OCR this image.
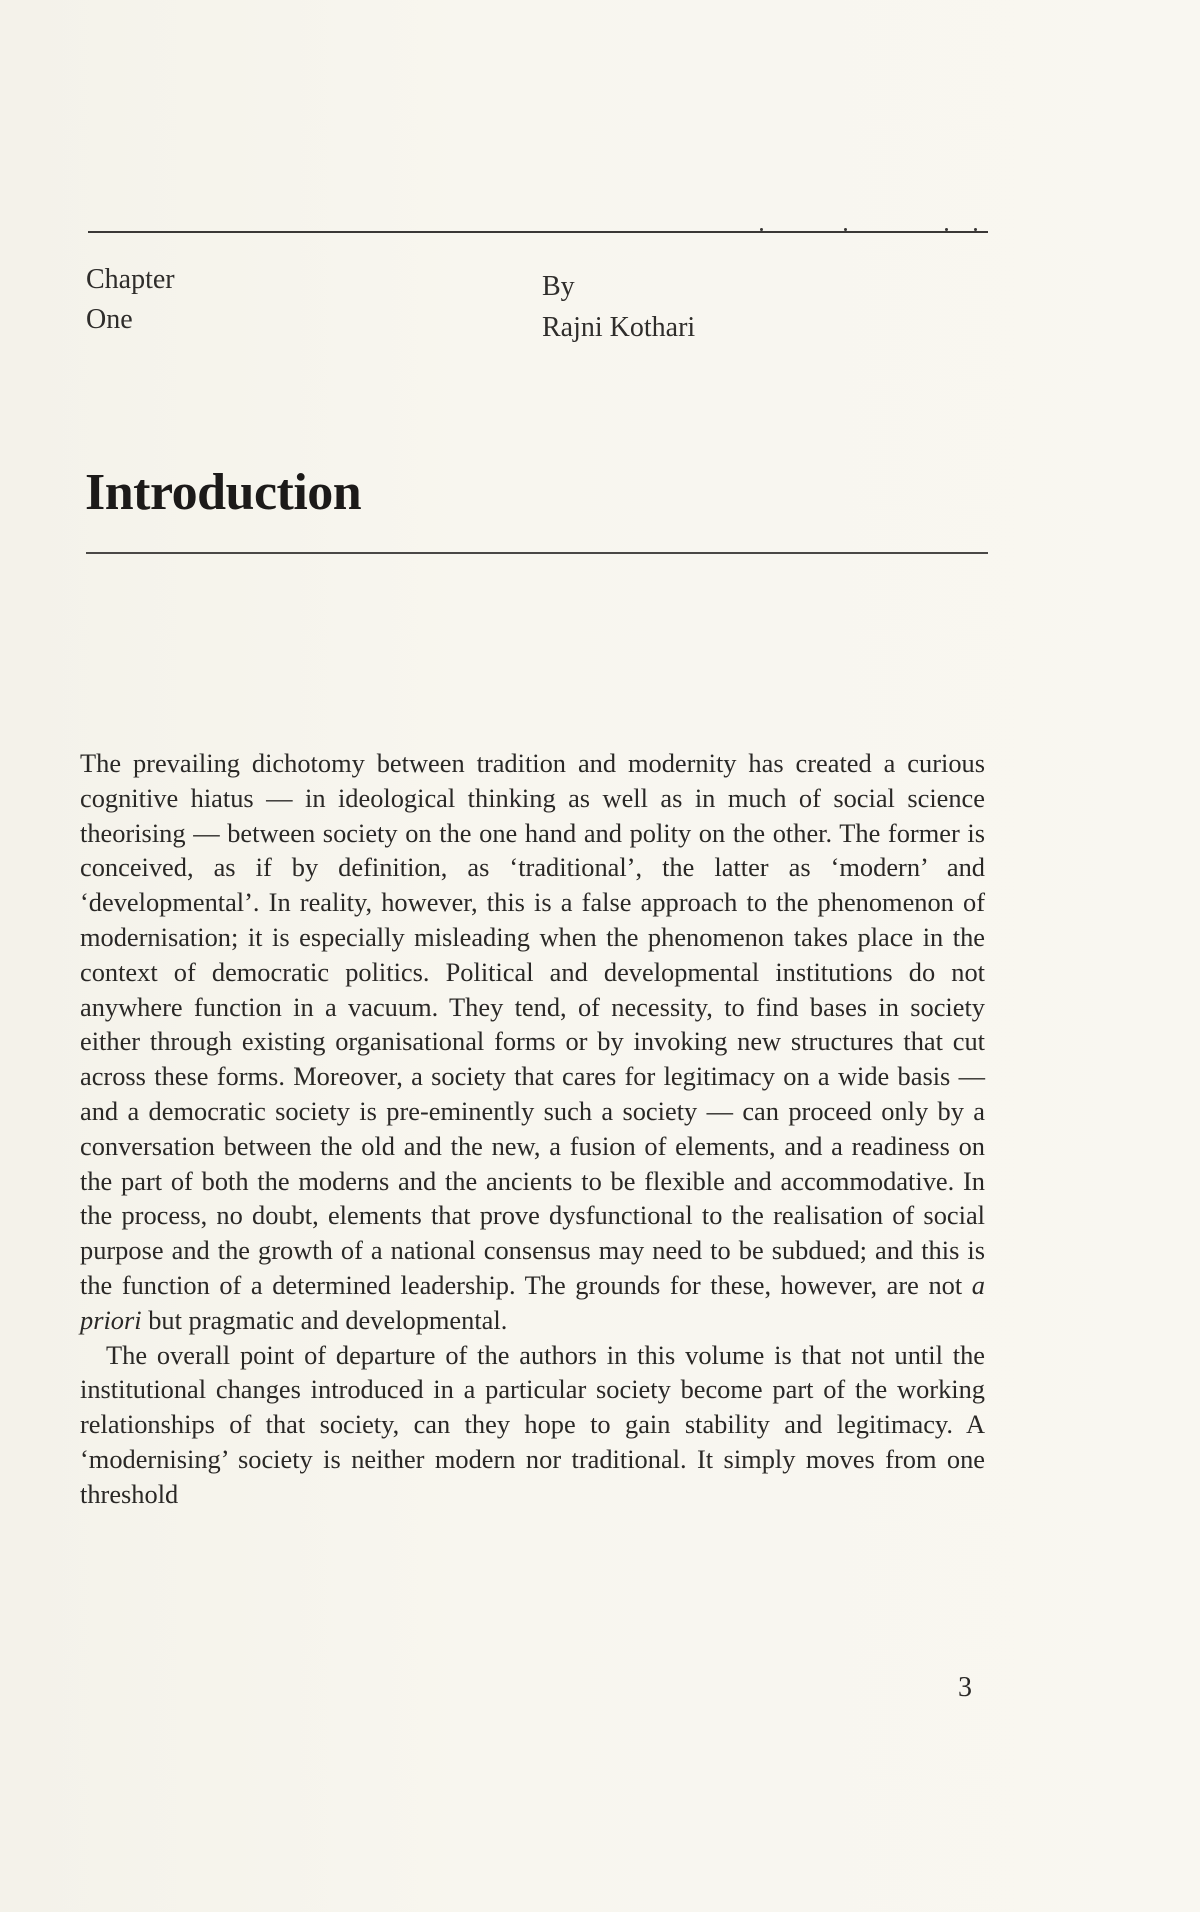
Chapter
One
By
Rajni Kothari
Introduction

The prevailing dichotomy between tradition and modernity has created a curious cognitive hiatus — in ideological thinking as well as in much of social science theorising — between society on the one hand and polity on the other. The former is conceived, as if by definition, as ‘traditional’, the latter as ‘modern’ and ‘developmental’. In reality, however, this is a false approach to the phenomenon of modernisation; it is especially misleading when the phenomenon takes place in the context of democratic politics. Political and developmental institutions do not anywhere function in a vacuum. They tend, of necessity, to find bases in society either through existing organisational forms or by invoking new structures that cut across these forms. Moreover, a society that cares for legitimacy on a wide basis — and a democratic society is pre-eminently such a society — can proceed only by a conversation between the old and the new, a fusion of elements, and a readiness on the part of both the moderns and the ancients to be flexible and accommodative. In the process, no doubt, elements that prove dysfunctional to the realisation of social purpose and the growth of a national consensus may need to be subdued; and this is the function of a determined leadership. The grounds for these, however, are not a priori but pragmatic and developmental.

The overall point of departure of the authors in this volume is that not until the institutional changes introduced in a particular society become part of the working relationships of that society, can they hope to gain stability and legitimacy. A ‘modernising’ society is neither modern nor traditional. It simply moves from one threshold

3
